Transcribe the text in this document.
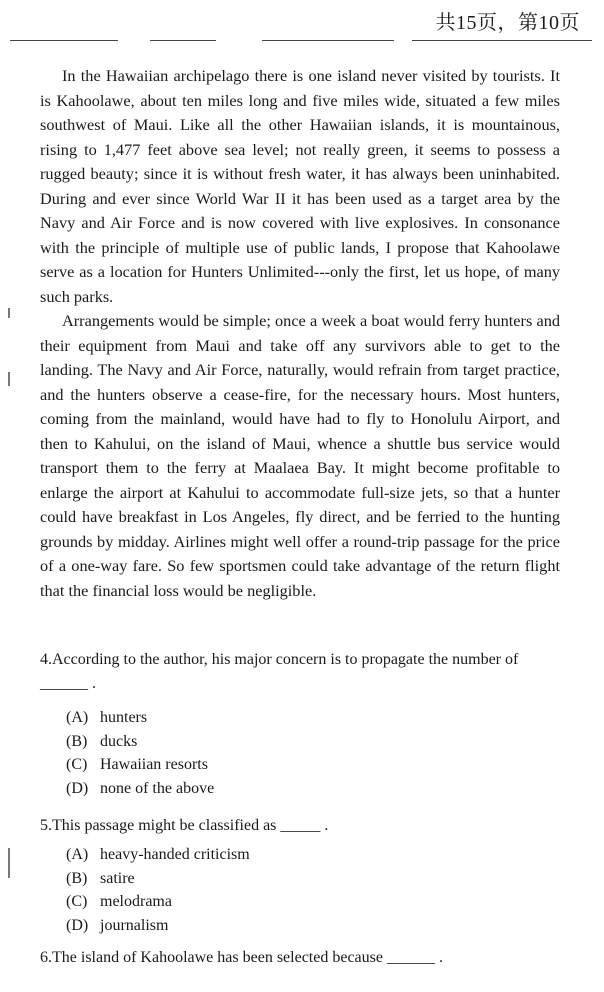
共15页，第10页

In the Hawaiian archipelago there is one island never visited by tourists. It is Kahoolawe, about ten miles long and five miles wide, situated a few miles southwest of Maui. Like all the other Hawaiian islands, it is mountainous, rising to 1,477 feet above sea level; not really green, it seems to possess a rugged beauty; since it is without fresh water, it has always been uninhabited. During and ever since World War II it has been used as a target area by the Navy and Air Force and is now covered with live explosives. In consonance with the principle of multiple use of public lands, I propose that Kahoolawe serve as a location for Hunters Unlimited---only the first, let us hope, of many such parks.

Arrangements would be simple; once a week a boat would ferry hunters and their equipment from Maui and take off any survivors able to get to the landing. The Navy and Air Force, naturally, would refrain from target practice, and the hunters observe a cease-fire, for the necessary hours. Most hunters, coming from the mainland, would have had to fly to Honolulu Airport, and then to Kahului, on the island of Maui, whence a shuttle bus service would transport them to the ferry at Maalaea Bay. It might become profitable to enlarge the airport at Kahului to accommodate full-size jets, so that a hunter could have breakfast in Los Angeles, fly direct, and be ferried to the hunting grounds by midday. Airlines might well offer a round-trip passage for the price of a one-way fare. So few sportsmen could take advantage of the return flight that the financial loss would be negligible.

4.According to the author, his major concern is to propagate the number of ______ .
(A) hunters
(B) ducks
(C) Hawaiian resorts
(D) none of the above
5.This passage might be classified as _____ .
(A) heavy-handed criticism
(B) satire
(C) melodrama
(D) journalism
6.The island of Kahoolawe has been selected because ______ .
